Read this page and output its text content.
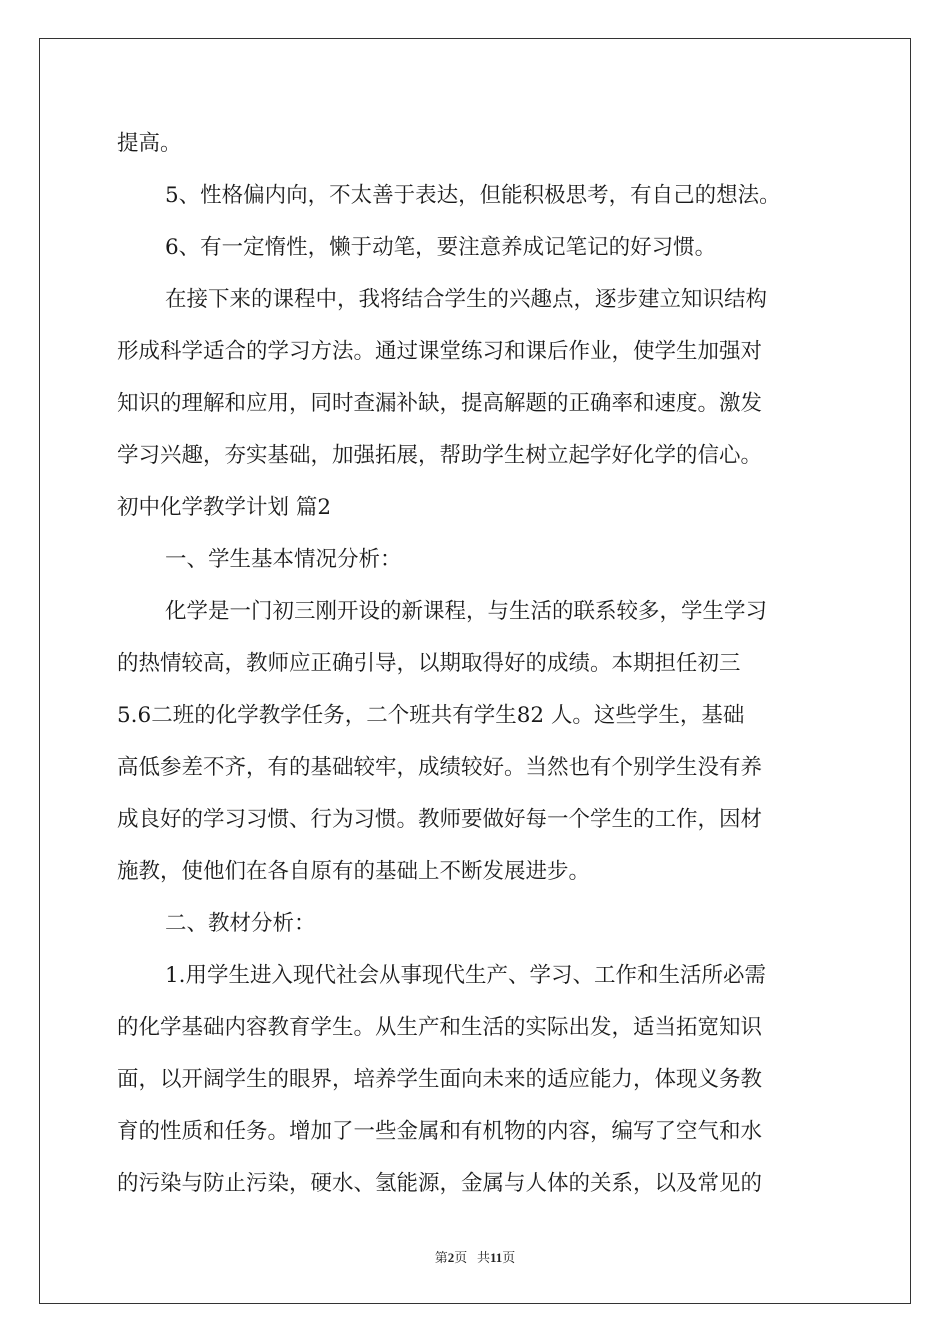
提高。
5、性格偏内向，不太善于表达，但能积极思考，有自己的想法。
6、有一定惰性，懒于动笔，要注意养成记笔记的好习惯。
在接下来的课程中，我将结合学生的兴趣点，逐步建立知识结构
形成科学适合的学习方法。通过课堂练习和课后作业，使学生加强对
知识的理解和应用，同时查漏补缺，提高解题的正确率和速度。激发
学习兴趣，夯实基础，加强拓展，帮助学生树立起学好化学的信心。
初中化学教学计划 篇2
一、学生基本情况分析：
化学是一门初三刚开设的新课程，与生活的联系较多，学生学习
的热情较高，教师应正确引导，以期取得好的成绩。本期担任初三
5.6二班的化学教学任务，二个班共有学生82 人。这些学生，基础
高低参差不齐，有的基础较牢，成绩较好。当然也有个别学生没有养
成良好的学习习惯、行为习惯。教师要做好每一个学生的工作，因材
施教，使他们在各自原有的基础上不断发展进步。
二、教材分析：
1.用学生进入现代社会从事现代生产、学习、工作和生活所必需
的化学基础内容教育学生。从生产和生活的实际出发，适当拓宽知识
面，以开阔学生的眼界，培养学生面向未来的适应能力，体现义务教
育的性质和任务。增加了一些金属和有机物的内容，编写了空气和水
的污染与防止污染，硬水、氢能源，金属与人体的关系，以及常见的
第2页 共11页
